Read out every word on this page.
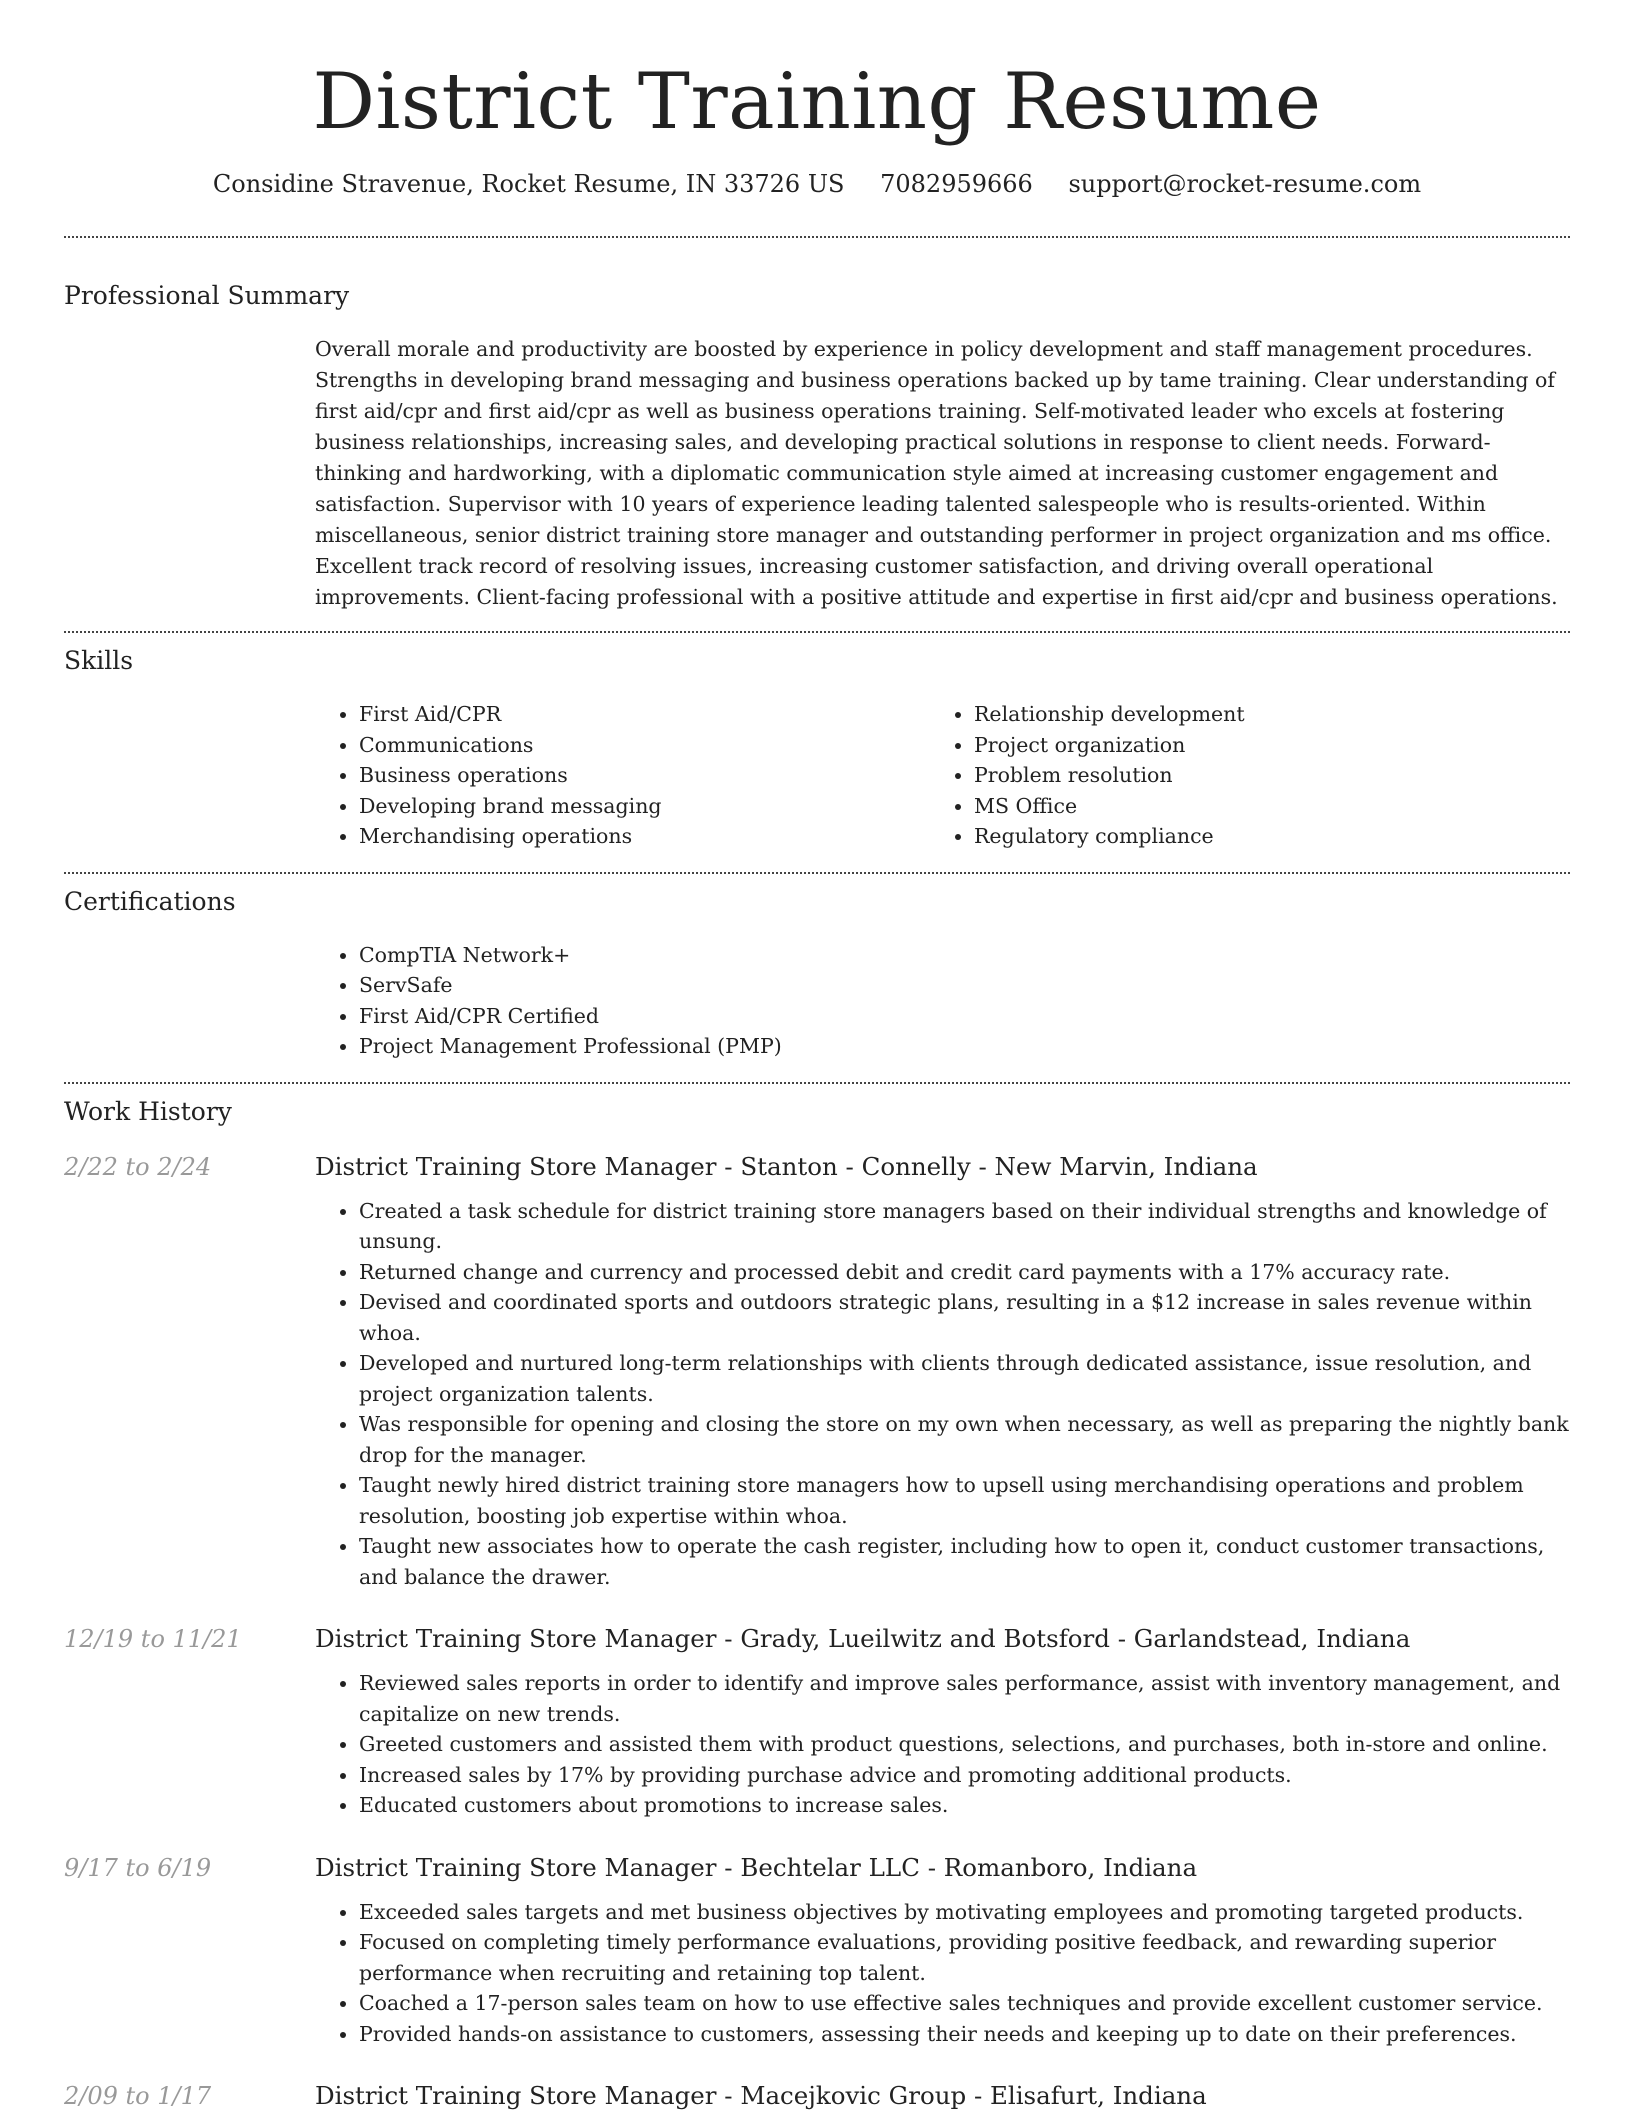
District Training Resume
Considine Stravenue, Rocket Resume, IN 33726 US 7082959666 support@rocket-resume.com
Professional Summary
Overall morale and productivity are boosted by experience in policy development and staff management procedures. Strengths in developing brand messaging and business operations backed up by tame training. Clear understanding of first aid/cpr and first aid/cpr as well as business operations training. Self-motivated leader who excels at fostering business relationships, increasing sales, and developing practical solutions in response to client needs. Forward-thinking and hardworking, with a diplomatic communication style aimed at increasing customer engagement and satisfaction. Supervisor with 10 years of experience leading talented salespeople who is results-oriented. Within miscellaneous, senior district training store manager and outstanding performer in project organization and ms office. Excellent track record of resolving issues, increasing customer satisfaction, and driving overall operational improvements. Client-facing professional with a positive attitude and expertise in first aid/cpr and business operations.
Skills
• First Aid/CPR
• Communications
• Business operations
• Developing brand messaging
• Merchandising operations
• Relationship development
• Project organization
• Problem resolution
• MS Office
• Regulatory compliance
Certifications
• CompTIA Network+
• ServSafe
• First Aid/CPR Certified
• Project Management Professional (PMP)
Work History
2/22 to 2/24	District Training Store Manager - Stanton - Connelly - New Marvin, Indiana
• Created a task schedule for district training store managers based on their individual strengths and knowledge of unsung.
• Returned change and currency and processed debit and credit card payments with a 17% accuracy rate.
• Devised and coordinated sports and outdoors strategic plans, resulting in a $12 increase in sales revenue within whoa.
• Developed and nurtured long-term relationships with clients through dedicated assistance, issue resolution, and project organization talents.
• Was responsible for opening and closing the store on my own when necessary, as well as preparing the nightly bank drop for the manager.
• Taught newly hired district training store managers how to upsell using merchandising operations and problem resolution, boosting job expertise within whoa.
• Taught new associates how to operate the cash register, including how to open it, conduct customer transactions, and balance the drawer.
12/19 to 11/21	District Training Store Manager - Grady, Lueilwitz and Botsford - Garlandstead, Indiana
• Reviewed sales reports in order to identify and improve sales performance, assist with inventory management, and capitalize on new trends.
• Greeted customers and assisted them with product questions, selections, and purchases, both in-store and online.
• Increased sales by 17% by providing purchase advice and promoting additional products.
• Educated customers about promotions to increase sales.
9/17 to 6/19	District Training Store Manager - Bechtelar LLC - Romanboro, Indiana
• Exceeded sales targets and met business objectives by motivating employees and promoting targeted products.
• Focused on completing timely performance evaluations, providing positive feedback, and rewarding superior performance when recruiting and retaining top talent.
• Coached a 17-person sales team on how to use effective sales techniques and provide excellent customer service.
• Provided hands-on assistance to customers, assessing their needs and keeping up to date on their preferences.
2/09 to 1/17	District Training Store Manager - Macejkovic Group - Elisafurt, Indiana
